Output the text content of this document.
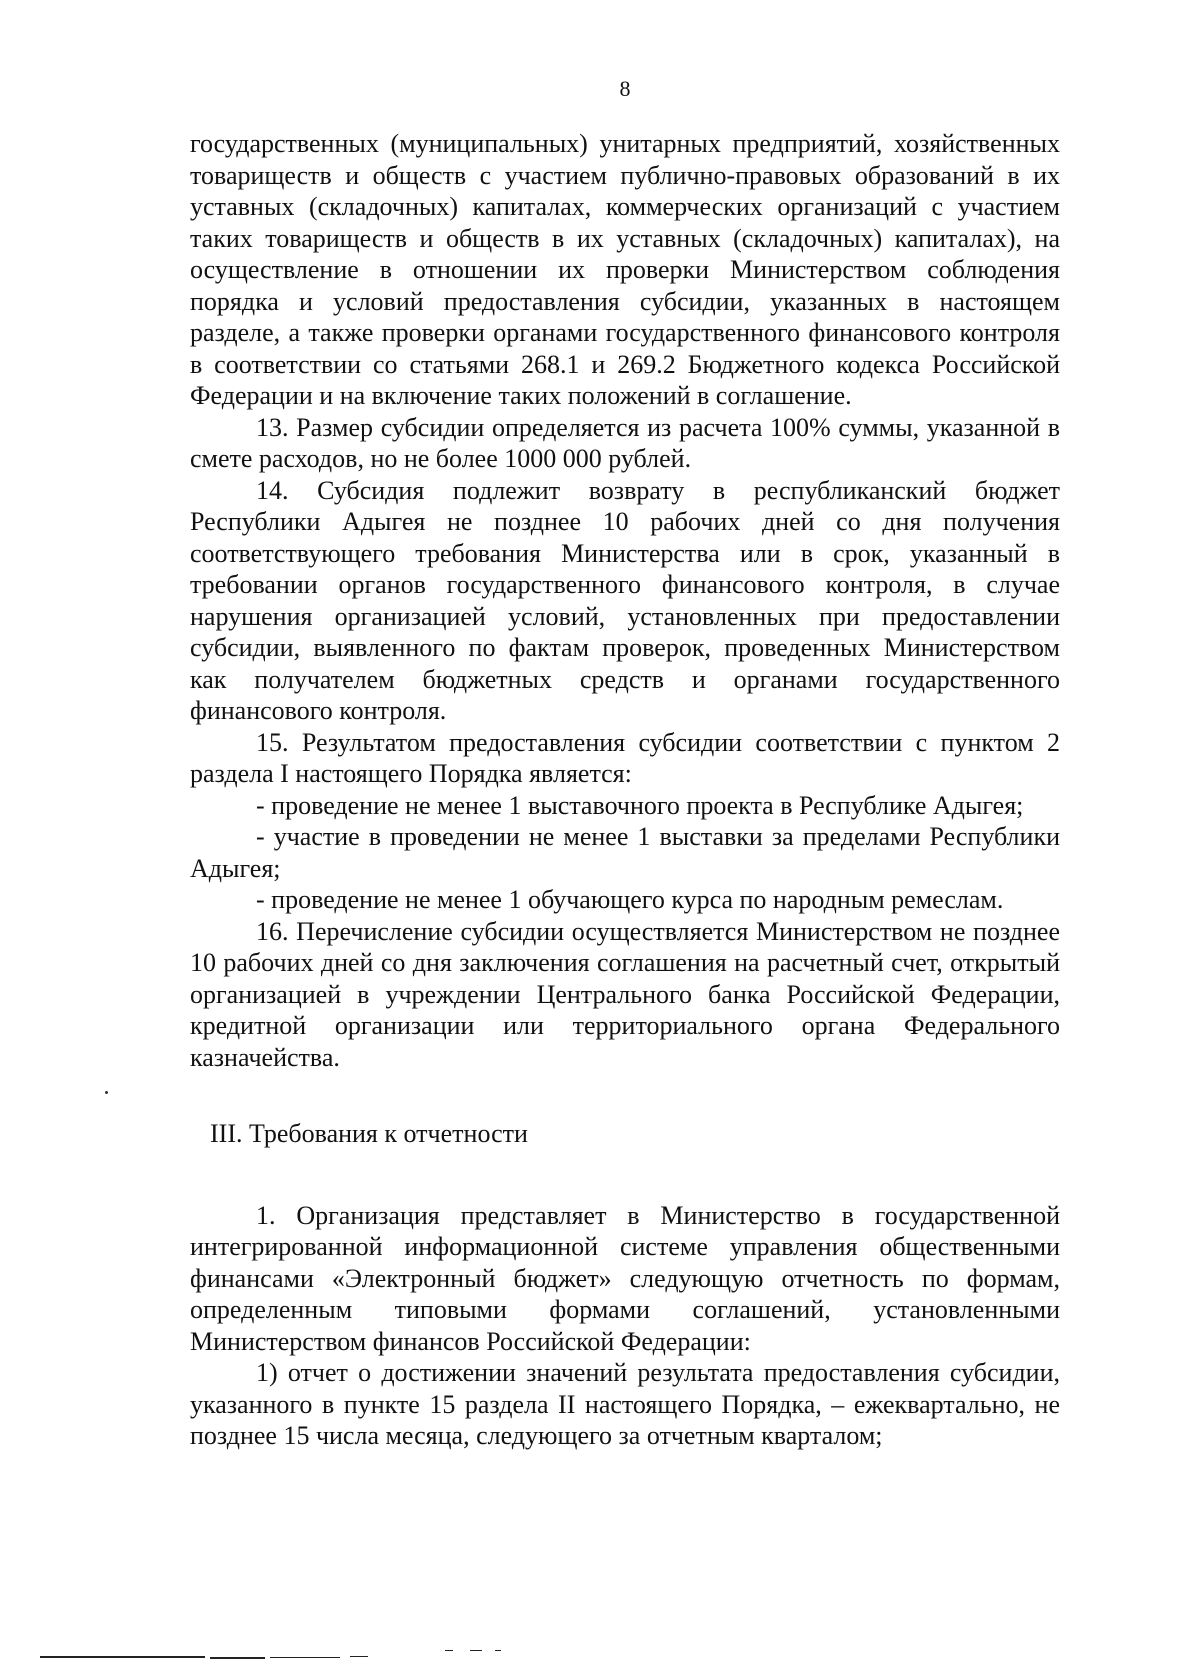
8

государственных (муниципальных) унитарных предприятий, хозяйственных товариществ и обществ с участием публично-правовых образований в их уставных (складочных) капиталах, коммерческих организаций с участием таких товариществ и обществ в их уставных (складочных) капиталах), на осуществление в отношении их проверки Министерством соблюдения порядка и условий предоставления субсидии, указанных в настоящем разделе, а также проверки органами государственного финансового контроля в соответствии со статьями 268.1 и 269.2 Бюджетного кодекса Российской Федерации и на включение таких положений в соглашение.

13. Размер субсидии определяется из расчета 100% суммы, указанной в смете расходов, но не более 1000 000 рублей.

14. Субсидия подлежит возврату в республиканский бюджет Республики Адыгея не позднее 10 рабочих дней со дня получения соответствующего требования Министерства или в срок, указанный в требовании органов государственного финансового контроля, в случае нарушения организацией условий, установленных при предоставлении субсидии, выявленного по фактам проверок, проведенных Министерством как получателем бюджетных средств и органами государственного финансового контроля.

15. Результатом предоставления субсидии соответствии с пунктом 2 раздела I настоящего Порядка является:

- проведение не менее 1 выставочного проекта в Республике Адыгея;

- участие в проведении не менее 1 выставки за пределами Республики Адыгея;

- проведение не менее 1 обучающего курса по народным ремеслам.

16. Перечисление субсидии осуществляется Министерством не позднее 10 рабочих дней со дня заключения соглашения на расчетный счет, открытый организацией в учреждении Центрального банка Российской Федерации, кредитной организации или территориального органа Федерального казначейства.

III. Требования к отчетности

1. Организация представляет в Министерство в государственной интегрированной информационной системе управления общественными финансами «Электронный бюджет» следующую отчетность по формам, определенным типовыми формами соглашений, установленными Министерством финансов Российской Федерации:

1) отчет о достижении значений результата предоставления субсидии, указанного в пункте 15 раздела II настоящего Порядка, – ежеквартально, не позднее 15 числа месяца, следующего за отчетным кварталом;
